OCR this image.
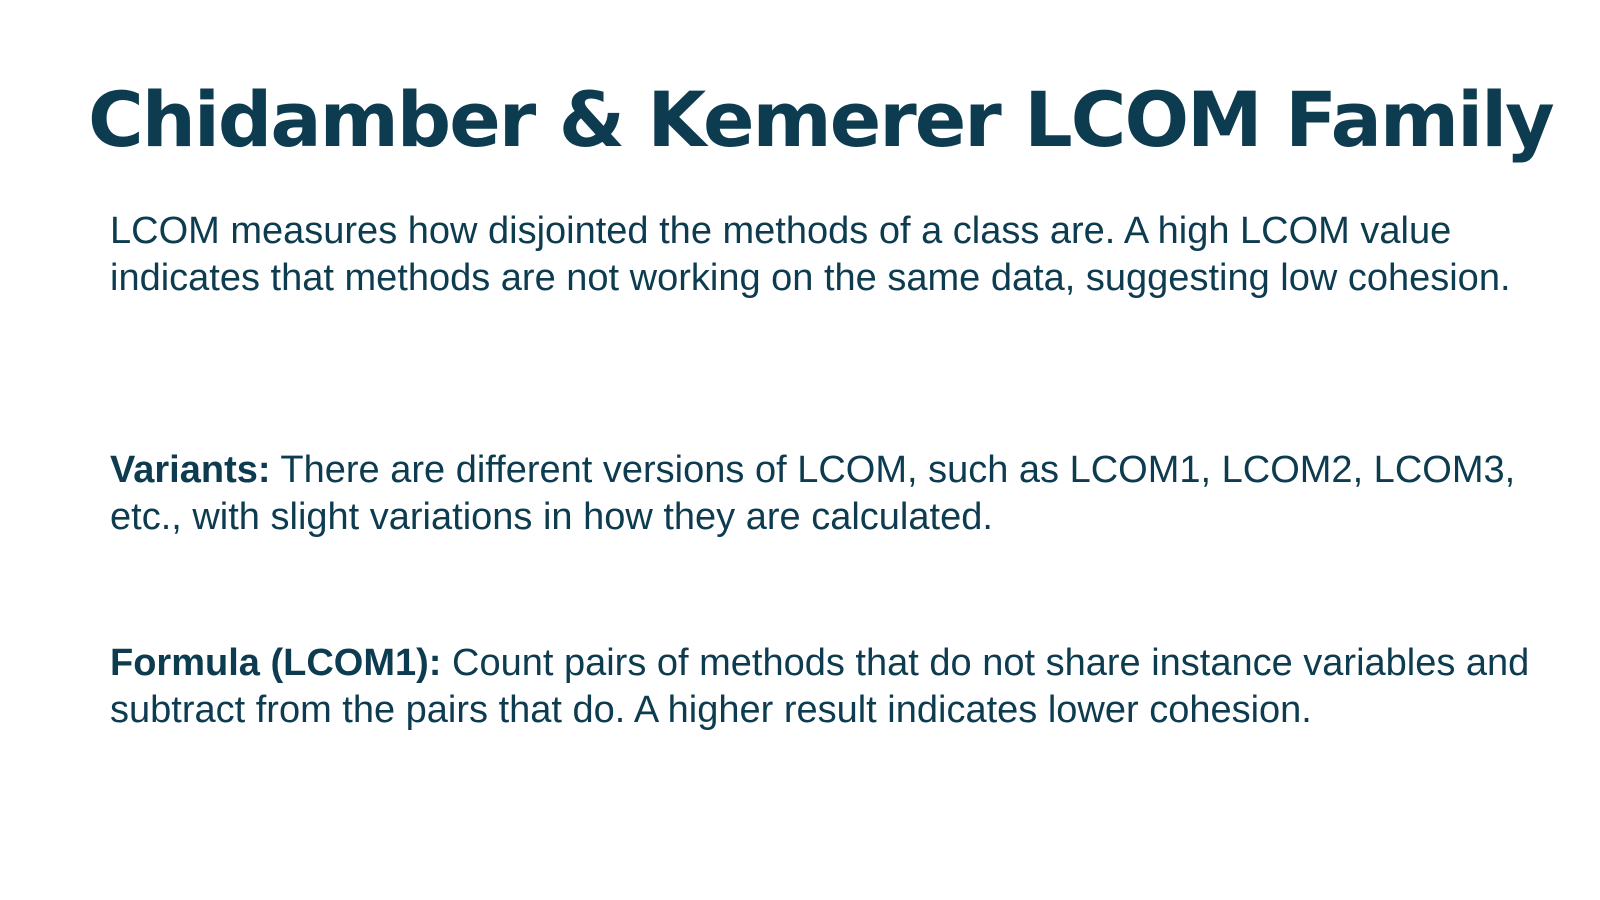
Chidamber & Kemerer LCOM Family

LCOM measures how disjointed the methods of a class are. A high LCOM value indicates that methods are not working on the same data, suggesting low cohesion.

Variants: There are different versions of LCOM, such as LCOM1, LCOM2, LCOM3, etc., with slight variations in how they are calculated.

Formula (LCOM1): Count pairs of methods that do not share instance variables and subtract from the pairs that do. A higher result indicates lower cohesion.
